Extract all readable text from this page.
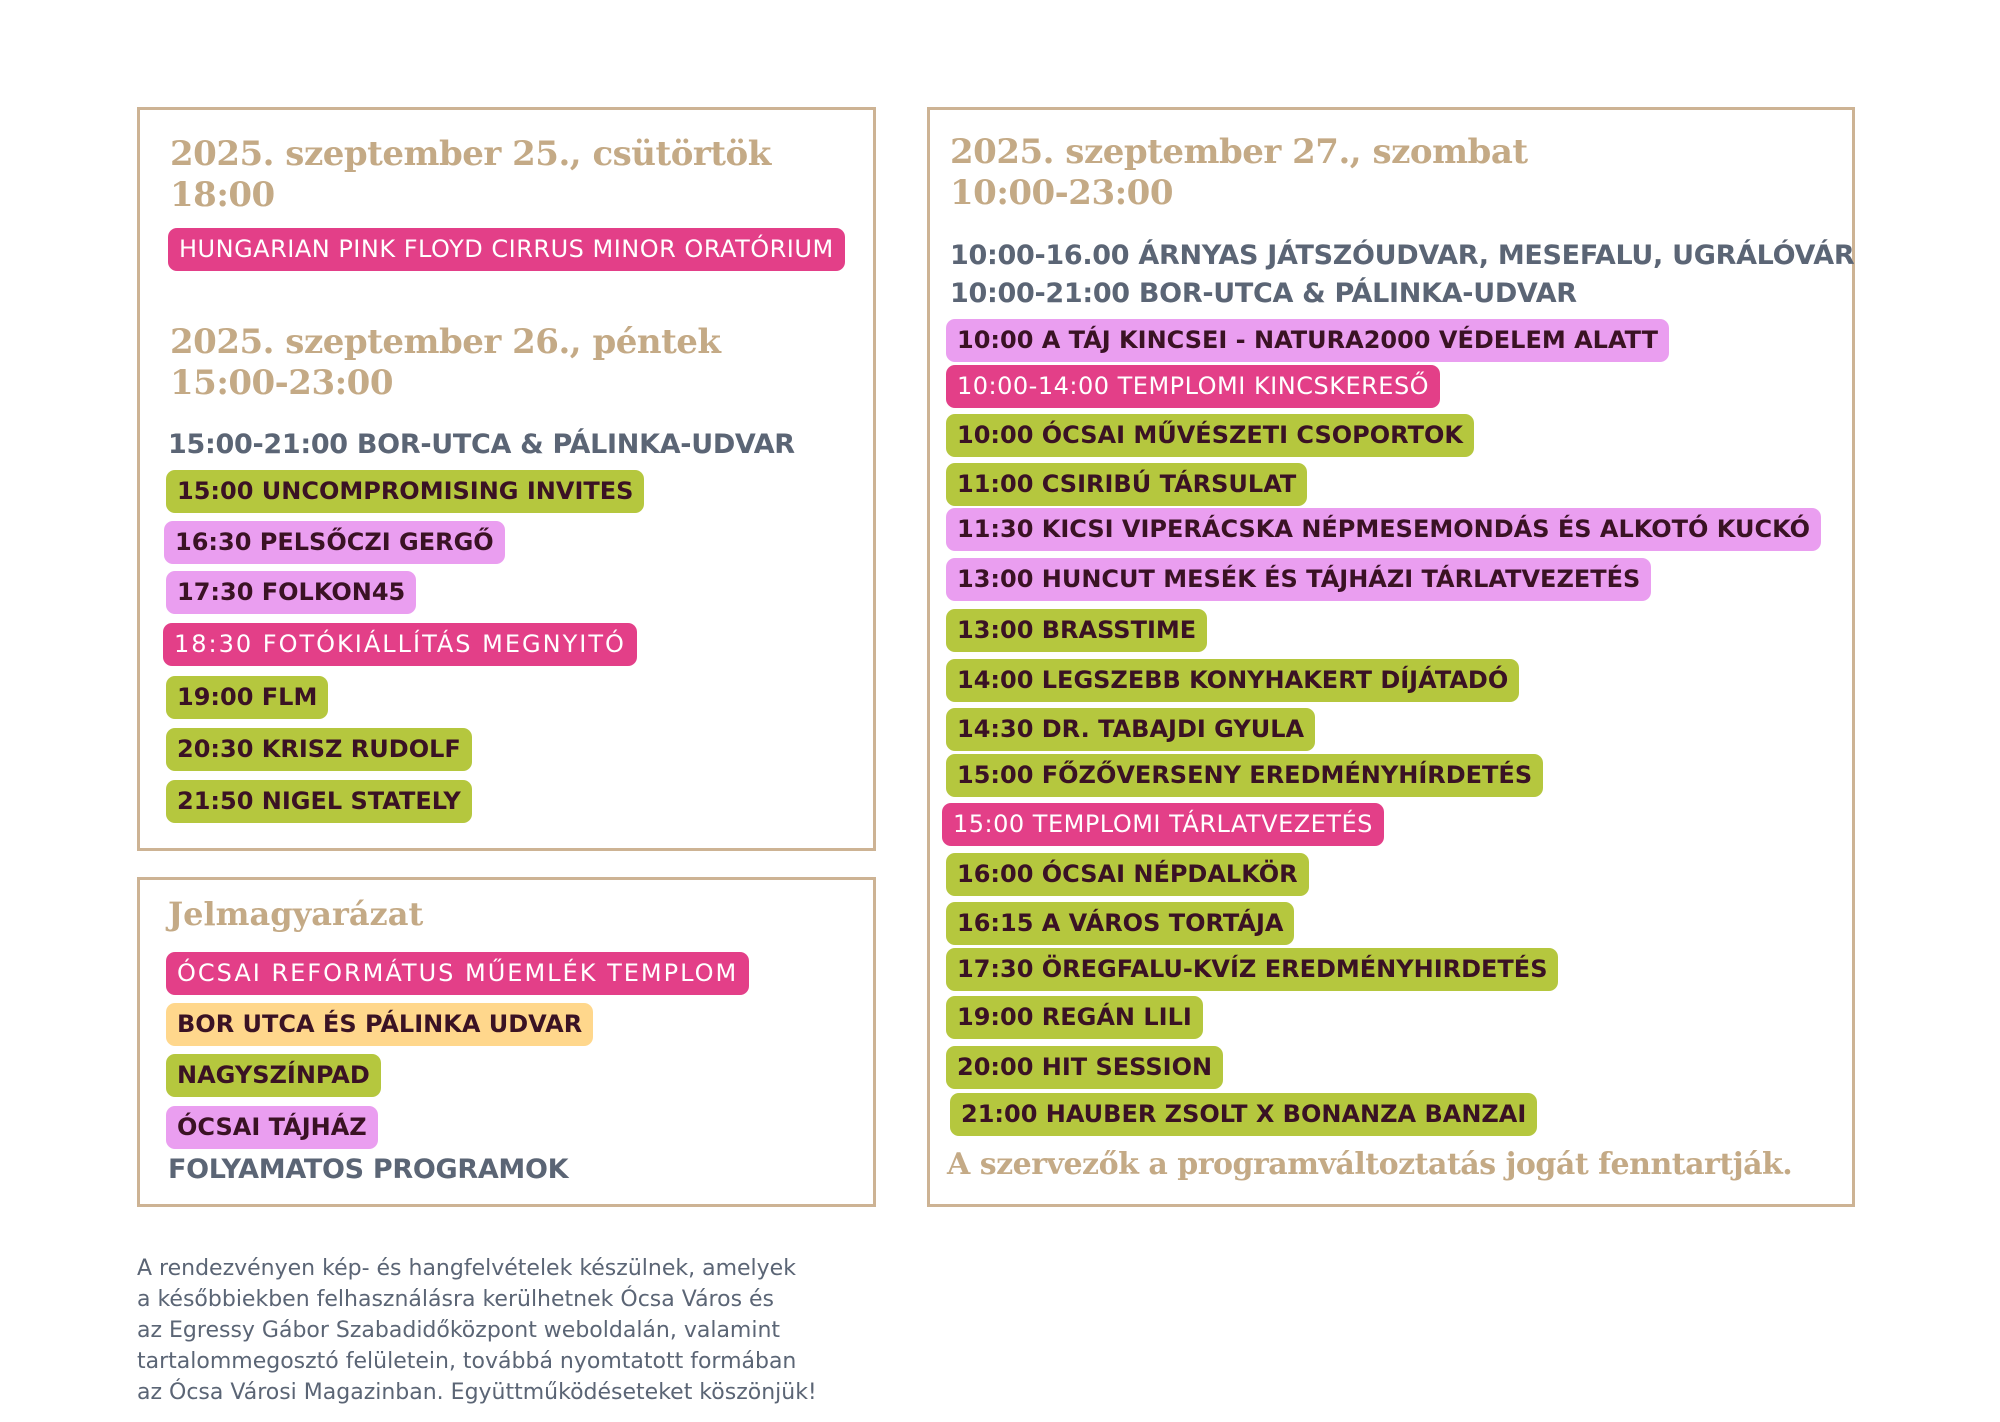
2025. szeptember 25., csütörtök
18:00
HUNGARIAN PINK FLOYD CIRRUS MINOR ORATÓRIUM
2025. szeptember 26., péntek
15:00-23:00
15:00-21:00 BOR-UTCA & PÁLINKA-UDVAR
15:00 UNCOMPROMISING INVITES
16:30 PELSŐCZI GERGŐ
17:30 FOLKON45
18:30 FOTÓKIÁLLÍTÁS MEGNYITÓ
19:00 FLM
20:30 KRISZ RUDOLF
21:50 NIGEL STATELY
Jelmagyarázat
ÓCSAI REFORMÁTUS MŰEMLÉK TEMPLOM
BOR UTCA ÉS PÁLINKA UDVAR
NAGYSZÍNPAD
ÓCSAI TÁJHÁZ
FOLYAMATOS PROGRAMOK
2025. szeptember 27., szombat
10:00-23:00
10:00-16.00 ÁRNYAS JÁTSZÓUDVAR, MESEFALU, UGRÁLÓVÁR
10:00-21:00 BOR-UTCA & PÁLINKA-UDVAR
10:00 A TÁJ KINCSEI - NATURA2000 VÉDELEM ALATT
10:00-14:00 TEMPLOMI KINCSKERESŐ
10:00 ÓCSAI MŰVÉSZETI CSOPORTOK
11:00 CSIRIBÚ TÁRSULAT
11:30 KICSI VIPERÁCSKA NÉPMESEMONDÁS ÉS ALKOTÓ KUCKÓ
13:00 HUNCUT MESÉK ÉS TÁJHÁZI TÁRLATVEZETÉS
13:00 BRASSTIME
14:00 LEGSZEBB KONYHAKERT DÍJÁTADÓ
14:30 DR. TABAJDI GYULA
15:00 FŐZŐVERSENY EREDMÉNYHÍRDETÉS
15:00 TEMPLOMI TÁRLATVEZETÉS
16:00 ÓCSAI NÉPDALKÖR
16:15 A VÁROS TORTÁJA
17:30 ÖREGFALU-KVÍZ EREDMÉNYHIRDETÉS
19:00 REGÁN LILI
20:00 HIT SESSION
21:00 HAUBER ZSOLT X BONANZA BANZAI
A szervezők a programváltoztatás jogát fenntartják.
A rendezvényen kép- és hangfelvételek készülnek, amelyek
a későbbiekben felhasználásra kerülhetnek Ócsa Város és
az Egressy Gábor Szabadidőközpont weboldalán, valamint
tartalommegosztó felületein, továbbá nyomtatott formában
az Ócsa Városi Magazinban. Együttműködéseteket köszönjük!
